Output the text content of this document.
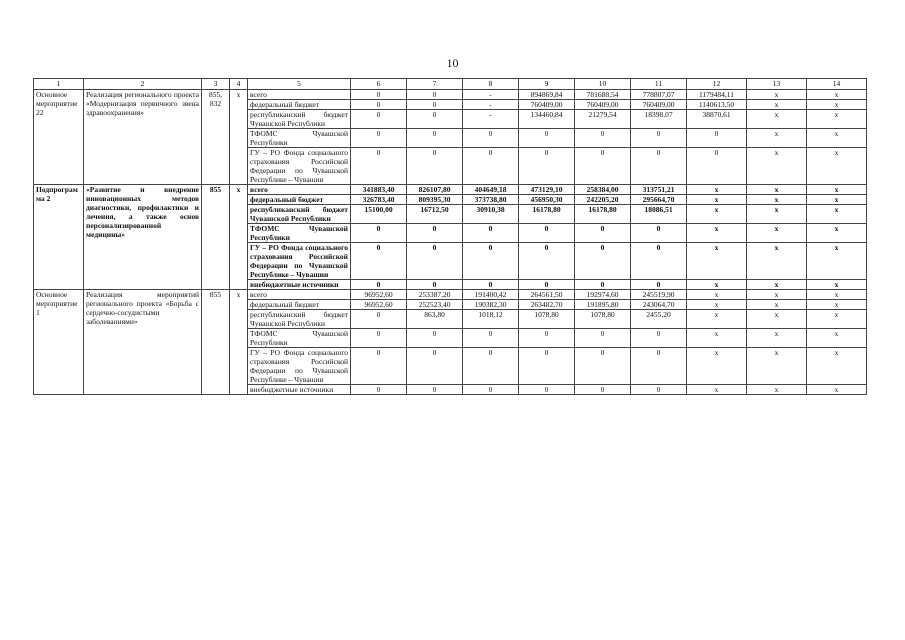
10
1	2	3	4	5	6	7	8	9	10	11	12	13	14
Основное мероприятие 22	Реализация регионального проекта «Модернизация первичного звена здравоохранения»	855, 832	x	всего	0	0	-	894869,84	781688,54	778807,07	1179484,11	x	x
				федеральный бюджет	0	0	-	760409,00	760409,00	760409,00	1140613,50	x	x
				республиканский бюджет Чувашской Республики	0	0	-	134460,84	21279,54	18398,07	38870,61	x	x
				ТФОМС Чувашской Республики	0	0	0	0	0	0	0	x	x
				ГУ – РО Фонда социального страхования Российской Федерации по Чувашской Республике – Чувашии	0	0	0	0	0	0	0	x	x
Подпрограмма 2	«Развитие и внедрение инновационных методов диагностики, профилактики и лечения, а также основ персонализированной медицины»	855	x	всего	341883,40	826107,80	404649,18	473129,10	258384,00	313751,21	x	x	x
				федеральный бюджет	326783,40	809395,30	373738,80	456950,30	242205,20	295664,70	x	x	x
				республиканский бюджет Чувашской Республики	15100,00	16712,50	30910,38	16178,80	16178,80	18086,51	x	x	x
				ТФОМС Чувашской Республики	0	0	0	0	0	0	x	x	x
				ГУ – РО Фонда социального страхования Российской Федерации по Чувашской Республике – Чувашии	0	0	0	0	0	0	x	x	x
				внебюджетные источники	0	0	0	0	0	0	x	x	x
Основное мероприятие 1	Реализация мероприятий регионального проекта «Борьба с сердечно-сосудистыми заболеваниями»	855	x	всего	96952,60	253387,20	191400,42	264561,50	192974,60	245519,90	x	x	x
				федеральный бюджет	96952,60	252523,40	190382,30	263482,70	191895,80	243064,70	x	x	x
				республиканский бюджет Чувашской Республики	0	863,80	1018,12	1078,80	1078,80	2455,20	x	x	x
				ТФОМС Чувашской Республики	0	0	0	0	0	0	x	x	x
				ГУ – РО Фонда социального страхования Российской Федерации по Чувашской Республике – Чувашии	0	0	0	0	0	0	x	x	x
				внебюджетные источники	0	0	0	0	0	0	x	x	x
